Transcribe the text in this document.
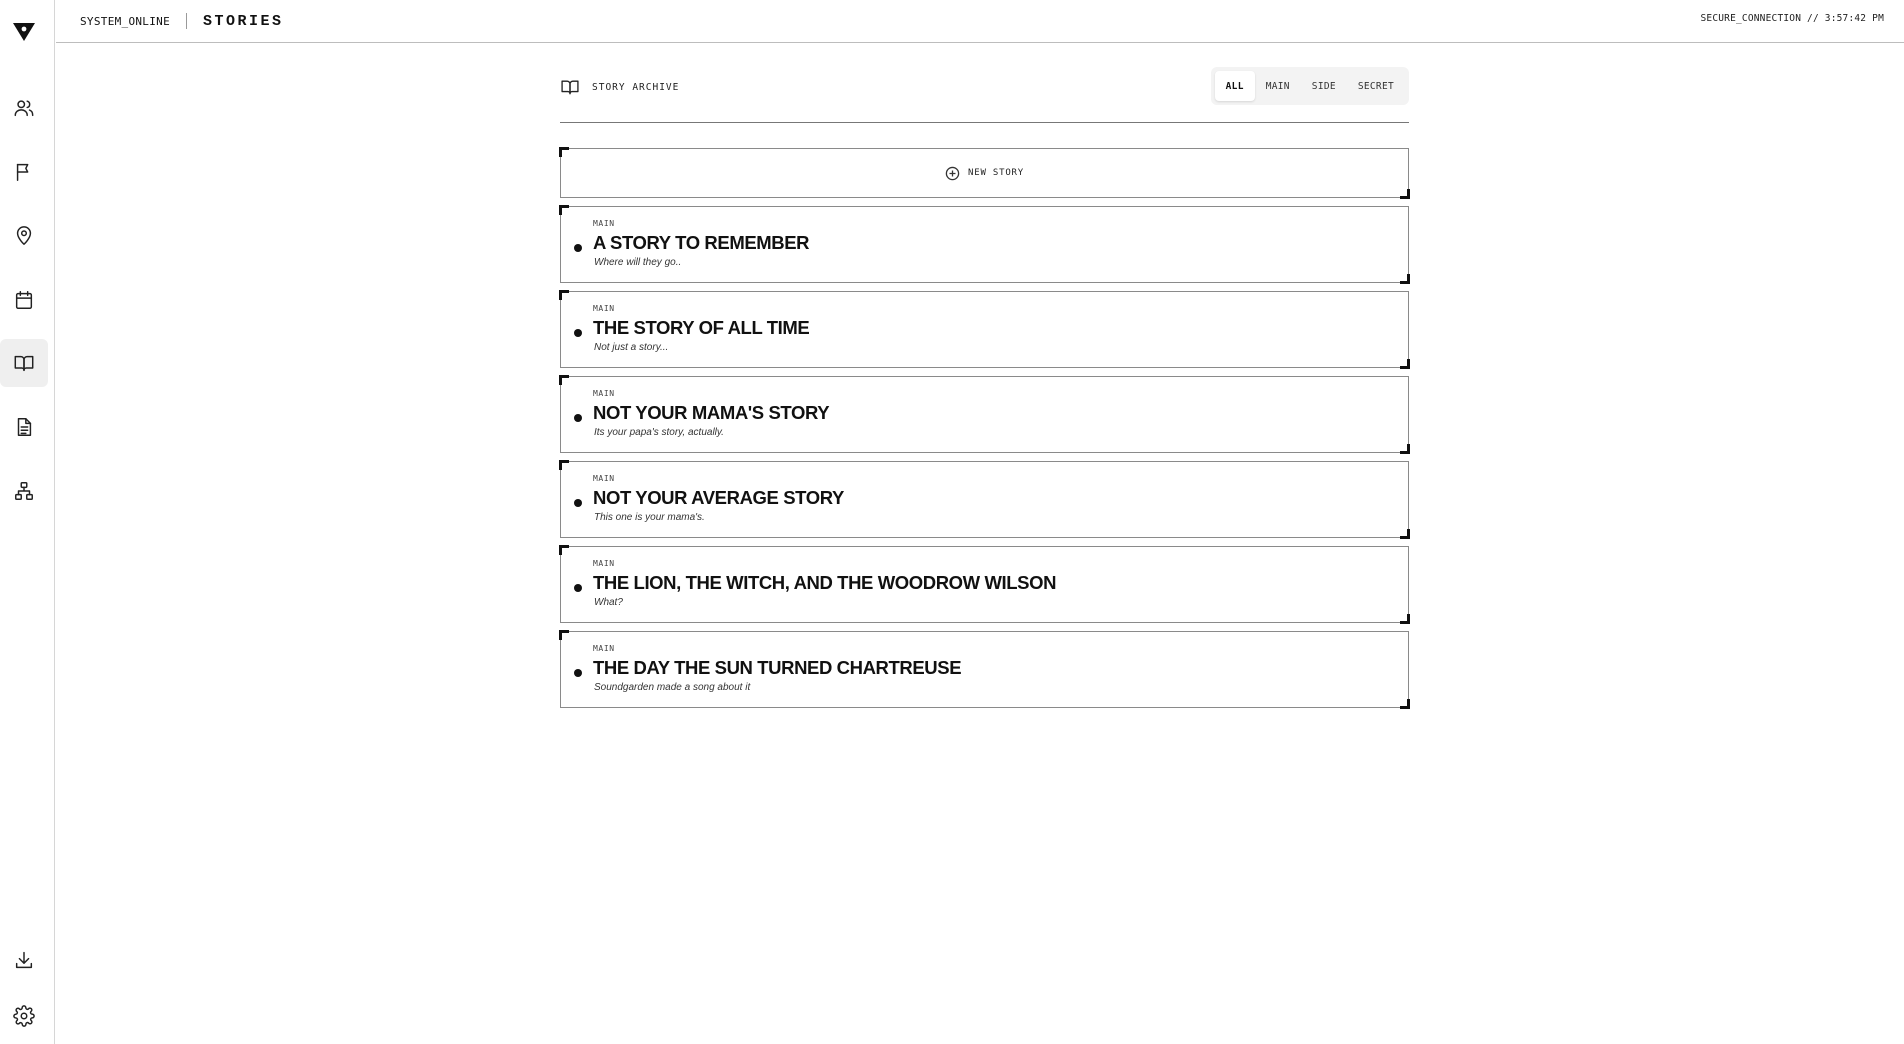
SYSTEM_ONLINE STORIES	SECURE_CONNECTION // 3:57:42 PM
STORY ARCHIVE	ALL	MAIN	SIDE	SECRET
NEW STORY
MAIN
A STORY TO REMEMBER
Where will they go..
MAIN
THE STORY OF ALL TIME
Not just a story...
MAIN
NOT YOUR MAMA'S STORY
Its your papa's story, actually.
MAIN
NOT YOUR AVERAGE STORY
This one is your mama's.
MAIN
THE LION, THE WITCH, AND THE WOODROW WILSON
What?
MAIN
THE DAY THE SUN TURNED CHARTREUSE
Soundgarden made a song about it
